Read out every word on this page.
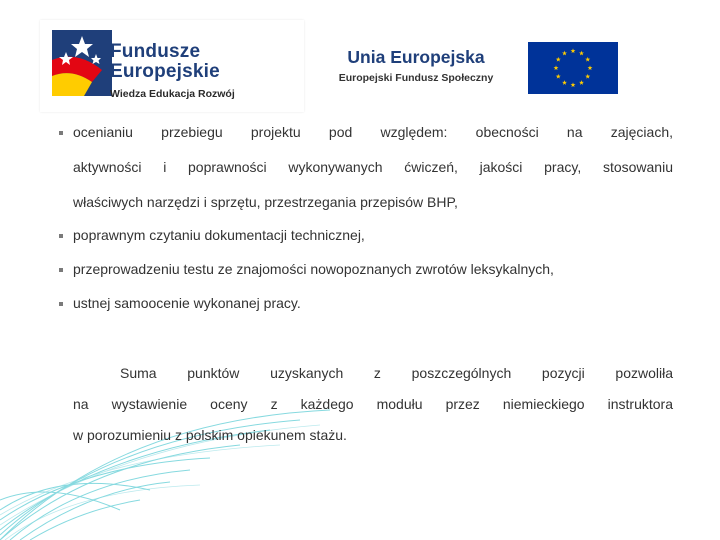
Fundusze
Europejskie
Wiedza Edukacja Rozwój
Unia Europejska
Europejski Fundusz Społeczny
ocenianiu przebiegu projektu pod względem: obecności na zajęciach,
aktywności i poprawności wykonywanych ćwiczeń, jakości pracy, stosowaniu
właściwych narzędzi i sprzętu, przestrzegania przepisów BHP,
poprawnym czytaniu dokumentacji technicznej,
przeprowadzeniu testu ze znajomości nowopoznanych zwrotów leksykalnych,
ustnej samoocenie wykonanej pracy.
Suma punktów uzyskanych z poszczególnych pozycji pozwoliła
na wystawienie oceny z każdego modułu przez niemieckiego instruktora
w porozumieniu z polskim opiekunem stażu.
